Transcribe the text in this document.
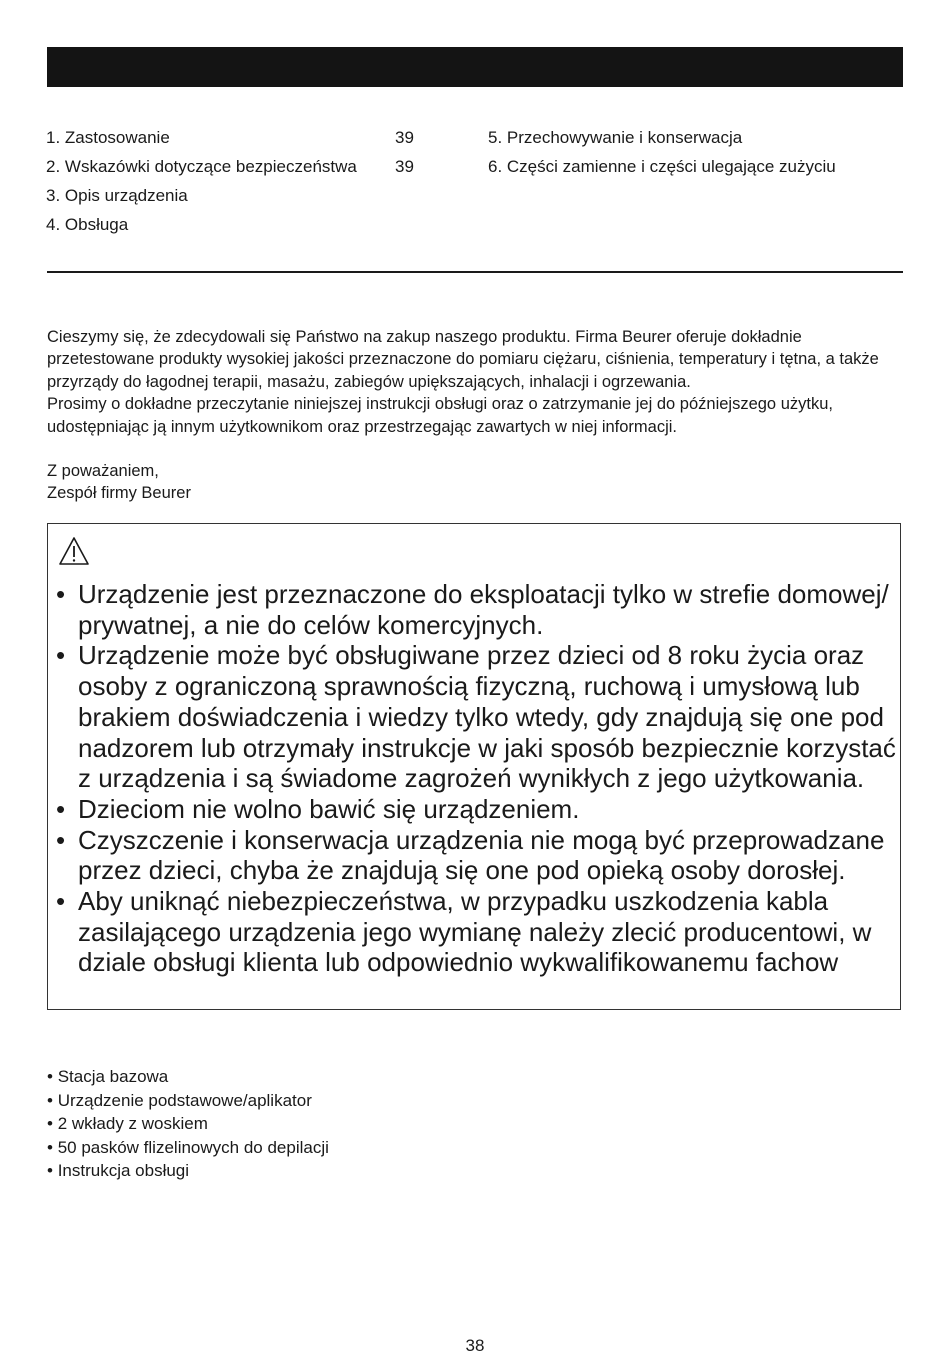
1. Zastosowanie	39
2. Wskazówki dotyczące bezpieczeństwa 39
3. Opis urządzenia
4. Obsługa
5. Przechowywanie i konserwacja
6. Części zamienne i części ulegające zużyciu

Cieszymy się, że zdecydowali się Państwo na zakup naszego produktu. Firma Beurer oferuje dokładnie przetestowane produkty wysokiej jakości przeznaczone do pomiaru ciężaru, ciśnienia, temperatury i tętna, a także przyrządy do łagodnej terapii, masażu, zabiegów upiększających, inhalacji i ogrzewania.

Prosimy o dokładne przeczytanie niniejszej instrukcji obsługi oraz o zatrzymanie jej do późniejszego użytku, udostępniając ją innym użytkownikom oraz przestrzegając zawartych w niej informacji.

Z poważaniem,
Zespół firmy Beurer
• Urządzenie jest przeznaczone do eksploatacji tylko w strefie domowej/ prywatnej, a nie do celów komercyjnych.
• Urządzenie może być obsługiwane przez dzieci od 8 roku życia oraz osoby z ograniczoną sprawnością fizyczną, ruchową i umysłową lub brakiem doświadczenia i wiedzy tylko wtedy, gdy znajdują się one pod nadzorem lub otrzymały instrukcje w jaki sposób bezpiecznie korzystać z urządzenia i są świadome zagrożeń wynikłych z jego użytkowania.
• Dzieciom nie wolno bawić się urządzeniem.
• Czyszczenie i konserwacja urządzenia nie mogą być przeprowadzane przez dzieci, chyba że znajdują się one pod opieką osoby dorosłej.
• Aby uniknąć niebezpieczeństwa, w przypadku uszkodzenia kabla zasilającego urządzenia jego wymianę należy zlecić producentowi, w dziale obsługi klienta lub odpowiednio wykwalifikowanemu fachow
• Stacja bazowa
• Urządzenie podstawowe/aplikator
• 2 wkłady z woskiem
• 50 pasków flizelinowych do depilacji
• Instrukcja obsługi
38
